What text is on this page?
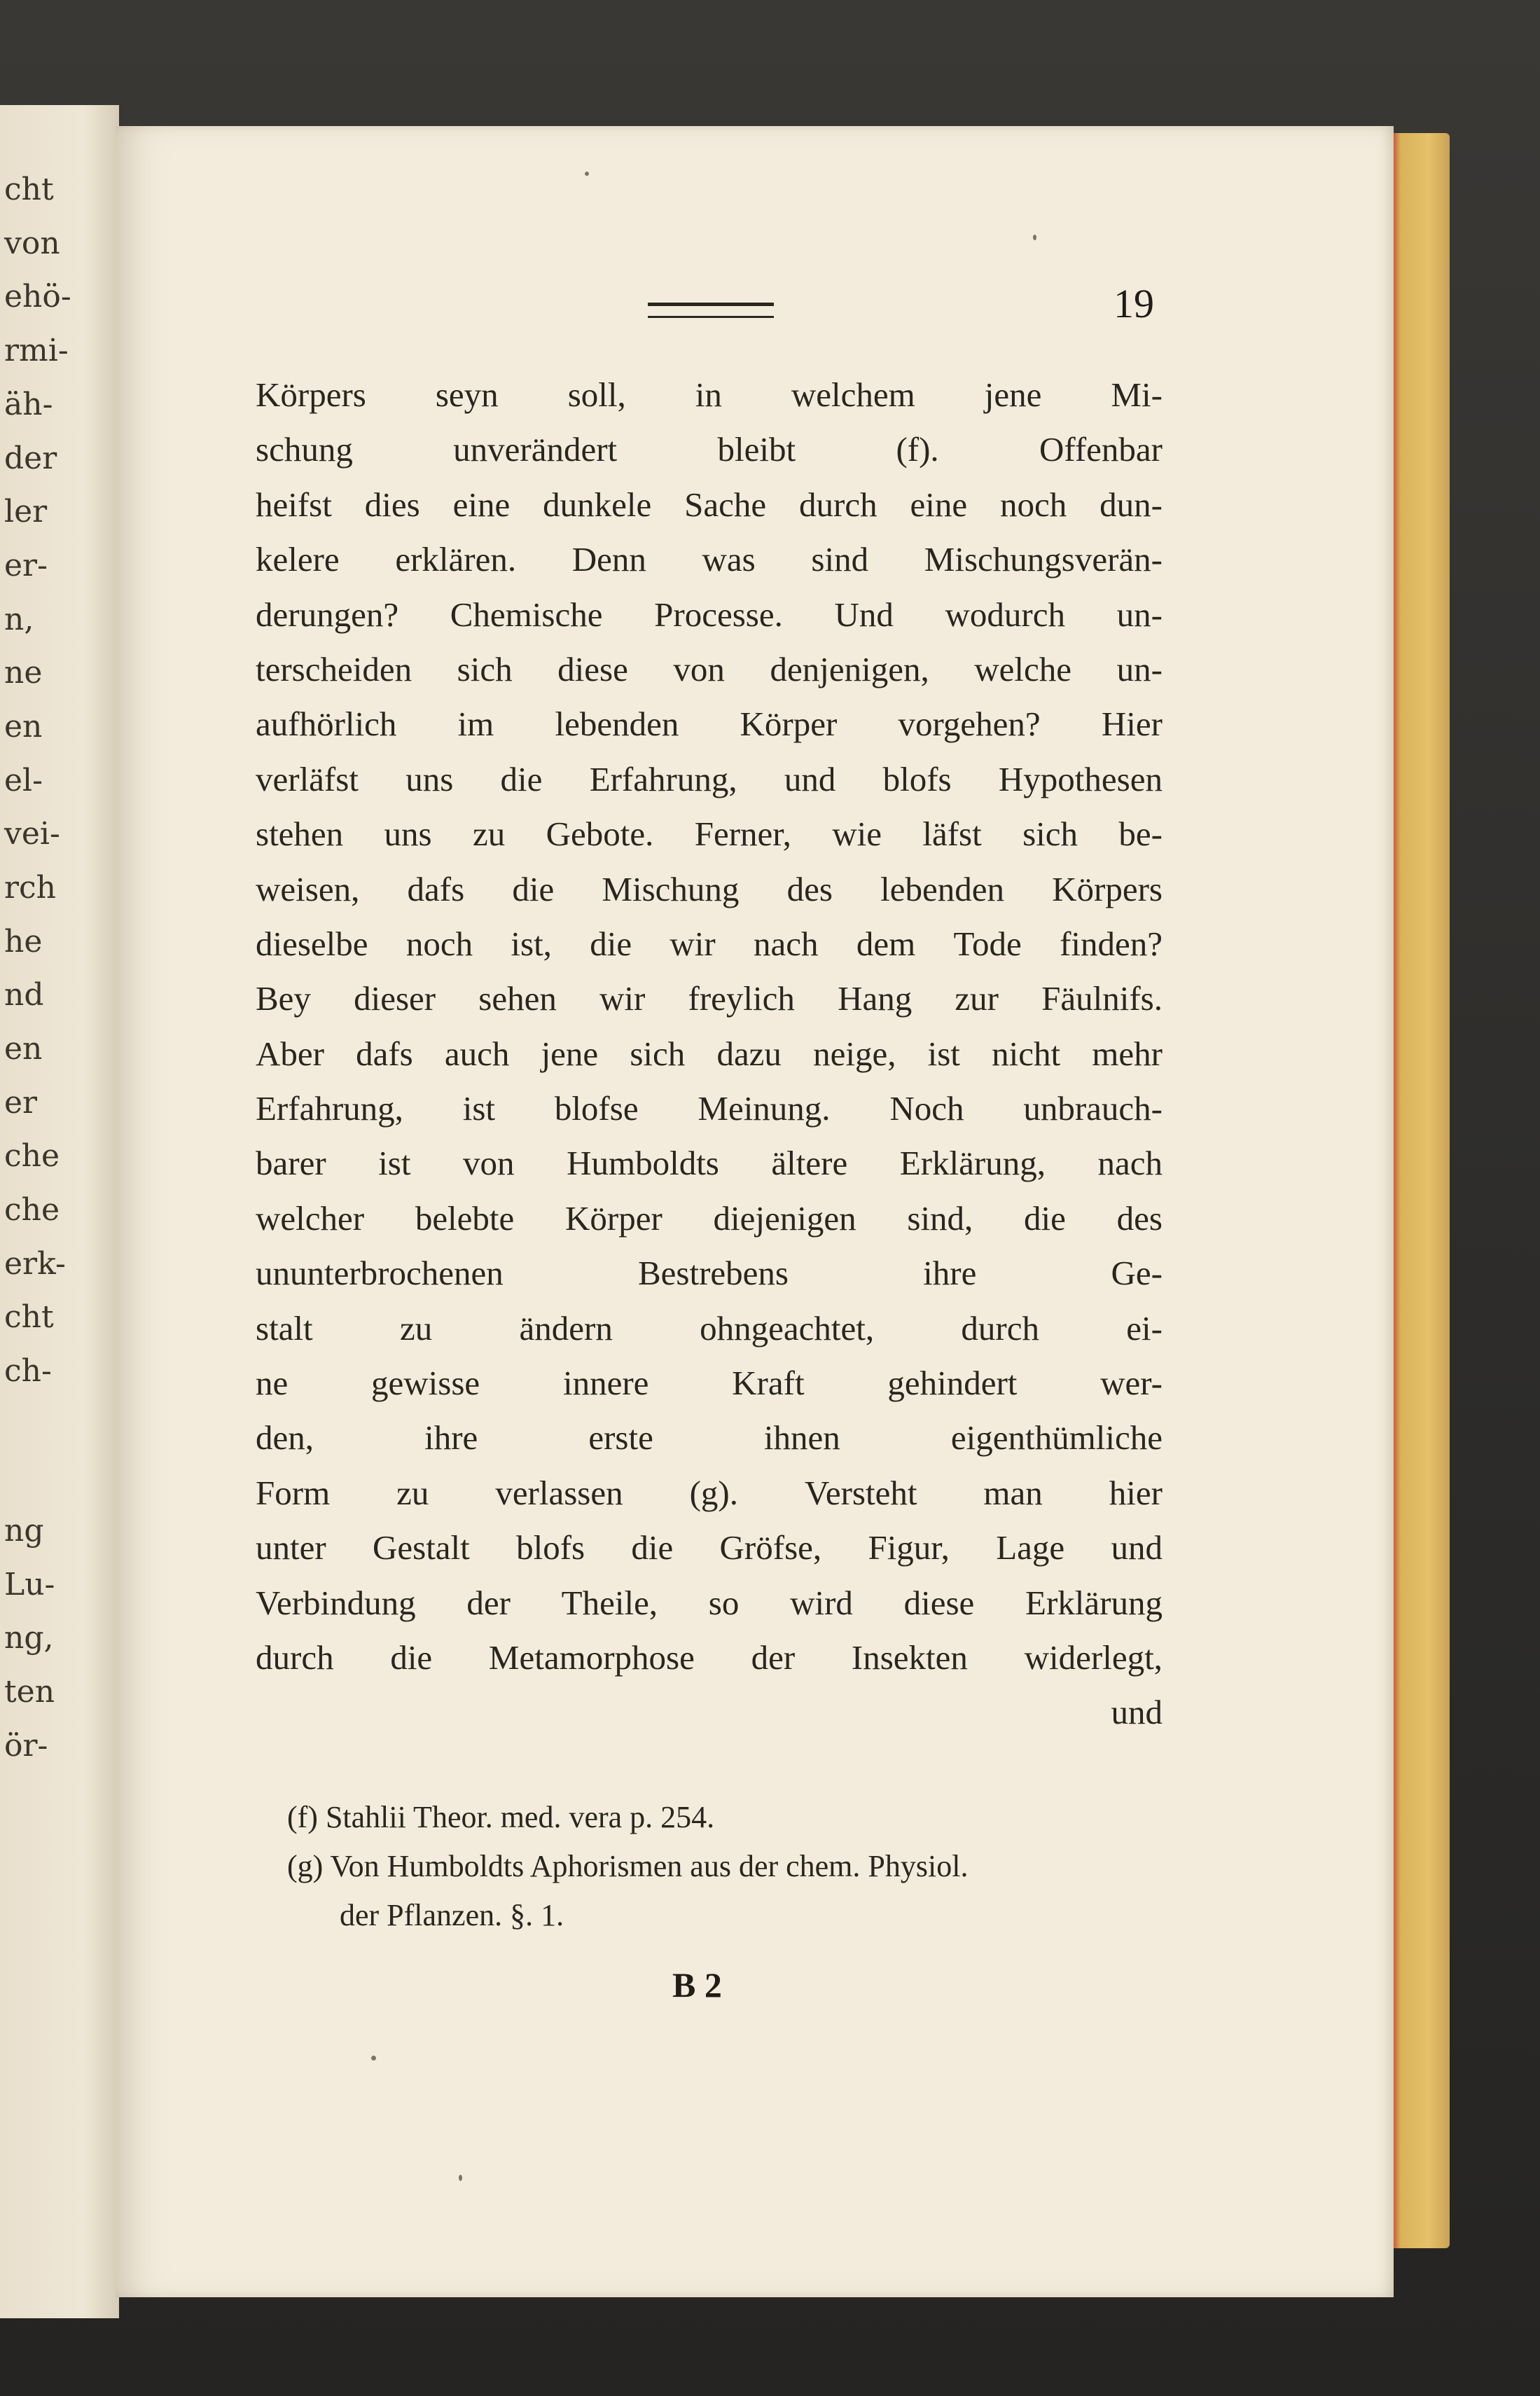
cht
von
ehö-
rmi-
äh-
der
ler
er-
n,
ne
en
el-
vei-
rch
he
nd
en
er
che
che
erk-
cht
ch-
ng
Lu-
ng,
ten
ör-
19
Körpers seyn soll, in welchem jene Mi-
schung	unverändert	bleibt	(f).	Offenbar
heifst dies eine dunkele Sache durch eine noch dun-
kelere erklären. Denn was sind Mischungsverän-
derungen? Chemische Processe. Und wodurch un-
terscheiden sich diese von denjenigen, welche un-
aufhörlich im lebenden Körper vorgehen? Hier
verläfst uns die Erfahrung, und blofs Hypothesen
stehen uns zu Gebote. Ferner, wie läfst sich be-
weisen, dafs die Mischung des lebenden Körpers
dieselbe noch ist, die wir nach dem Tode finden?
Bey dieser sehen wir freylich Hang zur Fäulnifs.
Aber dafs auch jene sich dazu neige, ist nicht mehr
Erfahrung, ist blofse Meinung. Noch unbrauch-
barer ist von Humboldts ältere Erklärung, nach
welcher belebte Körper diejenigen sind, die des
ununterbrochenen	Bestrebens	ihre	Ge-
stalt	zu	ändern	ohngeachtet,	durch	ei-
ne gewisse innere Kraft gehindert wer-
den,	ihre	erste	ihnen	eigenthümliche
Form zu verlassen (g). Versteht man hier
unter Gestalt blofs die Gröfse, Figur, Lage und
Verbindung der Theile, so wird diese Erklärung
durch die Metamorphose der Insekten widerlegt,
und
(f) Stahlii Theor. med. vera p. 254.
(g) Von Humboldts Aphorismen aus der chem. Physiol.
der Pflanzen. §. 1.
B 2
